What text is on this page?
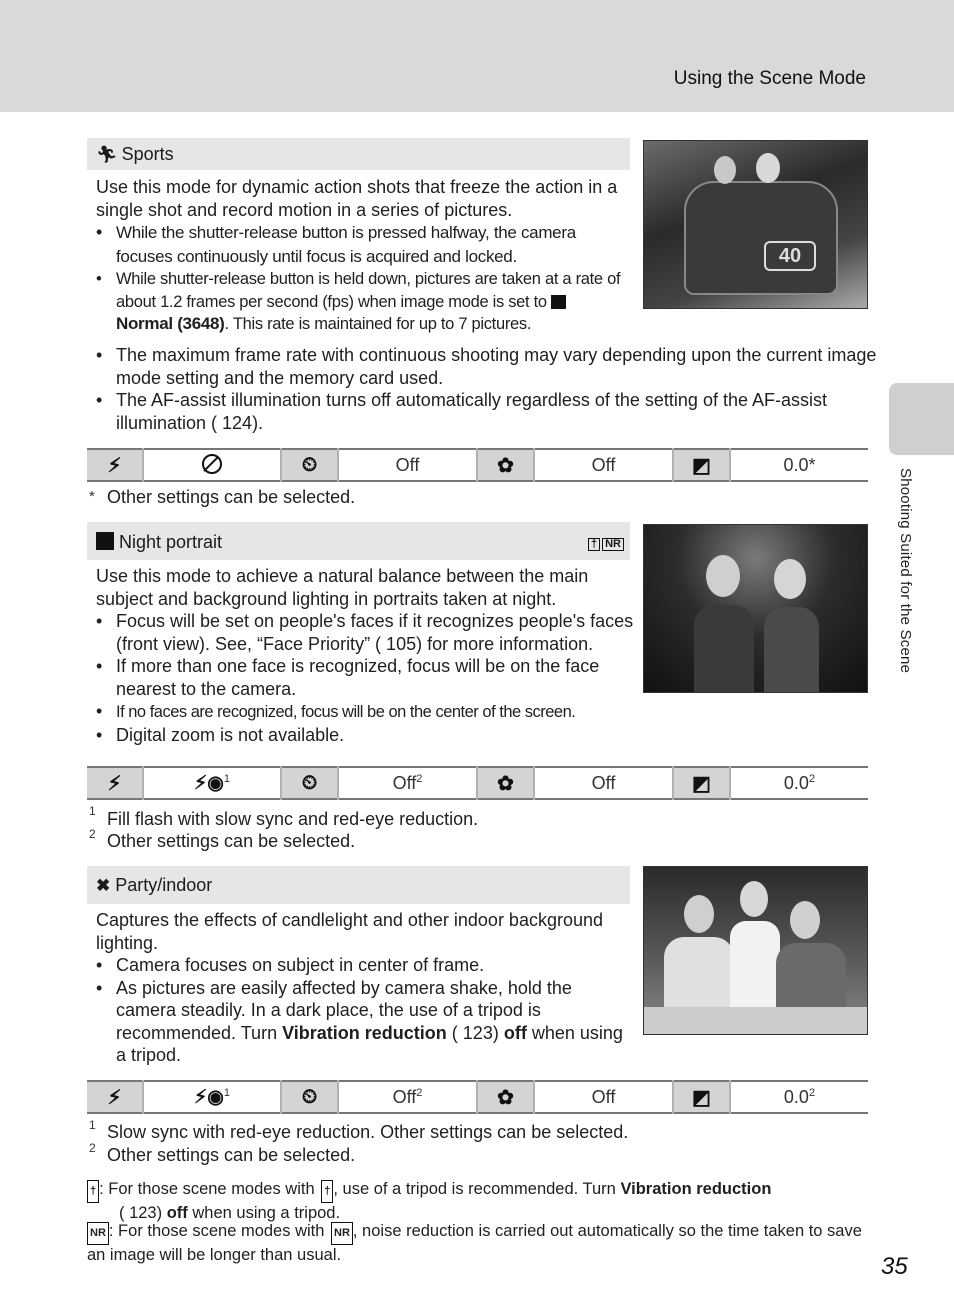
Using the Scene Mode
Shooting Suited for the Scene
🏃︎ Sports
Use this mode for dynamic action shots that freeze the action in a single shot and record motion in a series of pictures.
• While the shutter-release button is pressed halfway, the camera focuses continuously until focus is acquired and locked.
• While shutter-release button is held down, pictures are taken at a rate of about 1.2 frames per second (fps) when image mode is set to  Normal (3648). This rate is maintained for up to 7 pictures.
40
• The maximum frame rate with continuous shooting may vary depending upon the current image mode setting and the memory card used.
• The AF-assist illumination turns off automatically regardless of the setting of the AF-assist illumination ( 124).
⚡︎		⏲︎	Off	✿	Off	◩	0.0*
* Other settings can be selected.
Night portrait	† NR
Use this mode to achieve a natural balance between the main subject and background lighting in portraits taken at night.
• Focus will be set on people's faces if it recognizes people's faces (front view). See, “Face Priority” ( 105) for more information.
• If more than one face is recognized, focus will be on the face nearest to the camera.
• If no faces are recognized, focus will be on the center of the screen.
• Digital zoom is not available.
⚡︎	⚡︎◉$^1$	⏲︎	Off$^2$	✿	Off	◩	$0.0^2$
1 Fill flash with slow sync and red-eye reduction.
2 Other settings can be selected.
✖ Party/indoor
Captures the effects of candlelight and other indoor background lighting.
• Camera focuses on subject in center of frame.
• As pictures are easily affected by camera shake, hold the camera steadily. In a dark place, the use of a tripod is recommended. Turn Vibration reduction ( 123) off when using a tripod.
⚡︎	⚡︎◉$^1$	⏲︎	Off$^2$	✿	Off	◩	$0.0^2$
1 Slow sync with red-eye reduction. Other settings can be selected.
2 Other settings can be selected.
† : For those scene modes with † , use of a tripod is recommended. Turn Vibration reduction
( 123) off when using a tripod.
NR : For those scene modes with NR , noise reduction is carried out automatically so the time taken to save an image will be longer than usual.	35
